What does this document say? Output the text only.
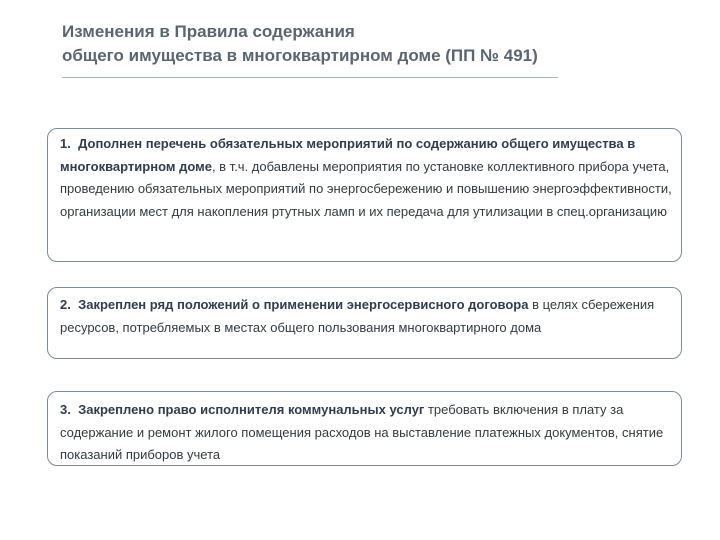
Изменения в Правила содержания
общего имущества в многоквартирном доме (ПП № 491)

1. Дополнен перечень обязательных мероприятий по содержанию общего имущества в многоквартирном доме, в т.ч. добавлены мероприятия по установке коллективного прибора учета, проведению обязательных мероприятий по энергосбережению и повышению энергоэффективности, организации мест для накопления ртутных ламп и их передача для утилизации в спец.организацию

2. Закреплен ряд положений о применении энергосервисного договора в целях сбережения ресурсов, потребляемых в местах общего пользования многоквартирного дома

3. Закреплено право исполнителя коммунальных услуг требовать включения в плату за содержание и ремонт жилого помещения расходов на выставление платежных документов, снятие показаний приборов учета
